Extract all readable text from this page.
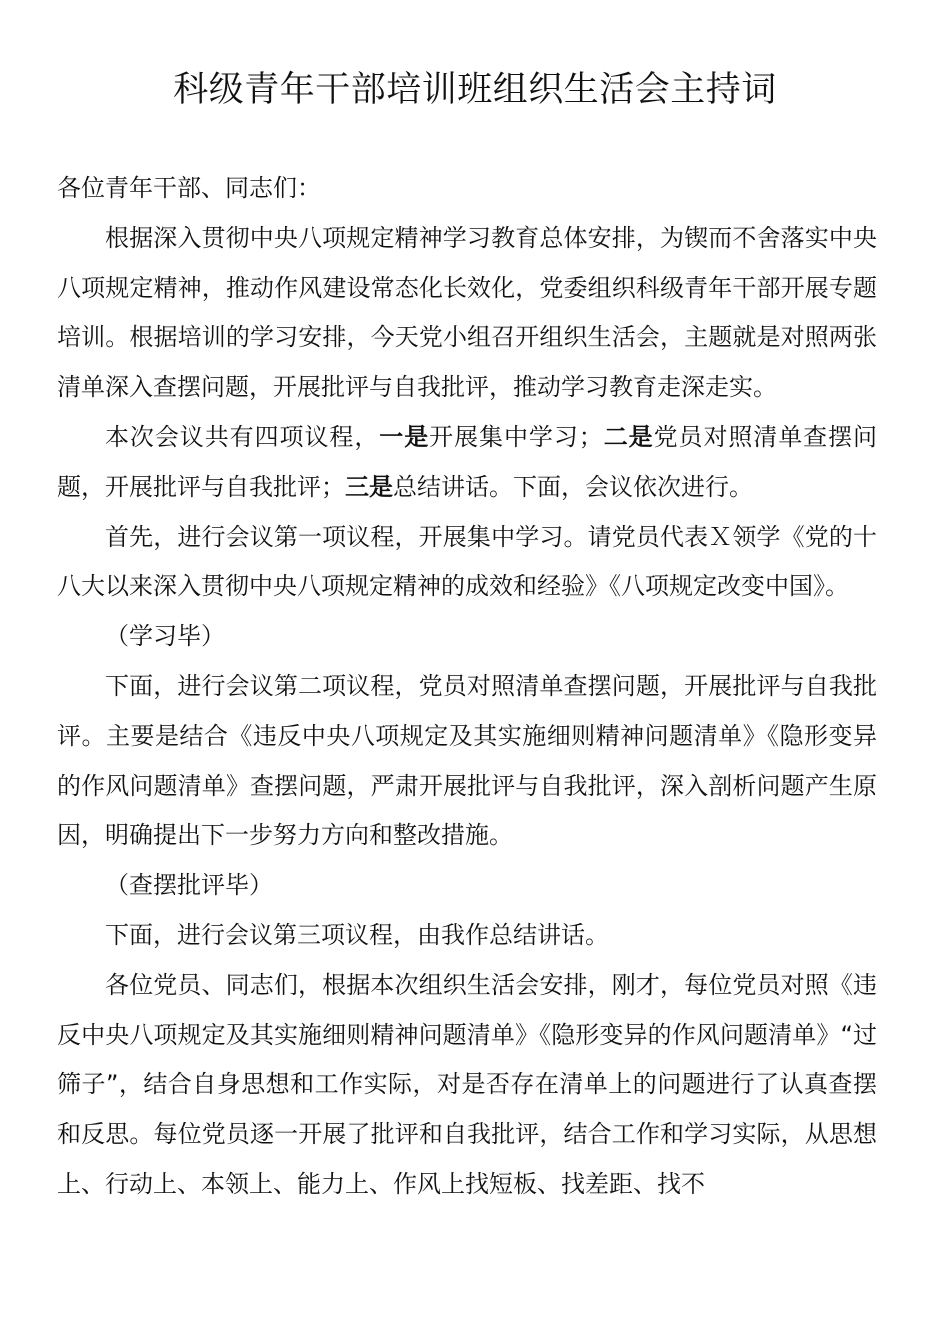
科级青年干部培训班组织生活会主持词

各位青年干部、同志们：

根据深入贯彻中央八项规定精神学习教育总体安排，为锲而不舍落实中央八项规定精神，推动作风建设常态化长效化，党委组织科级青年干部开展专题培训。根据培训的学习安排，今天党小组召开组织生活会，主题就是对照两张清单深入查摆问题，开展批评与自我批评，推动学习教育走深走实。

本次会议共有四项议程，一是开展集中学习；二是党员对照清单查摆问题，开展批评与自我批评；三是总结讲话。下面，会议依次进行。

首先，进行会议第一项议程，开展集中学习。请党员代表Ｘ领学《党的十八大以来深入贯彻中央八项规定精神的成效和经验》《八项规定改变中国》。

（学习毕）

下面，进行会议第二项议程，党员对照清单查摆问题，开展批评与自我批评。主要是结合《违反中央八项规定及其实施细则精神问题清单》《隐形变异的作风问题清单》查摆问题，严肃开展批评与自我批评，深入剖析问题产生原因，明确提出下一步努力方向和整改措施。

（查摆批评毕）

下面，进行会议第三项议程，由我作总结讲话。

各位党员、同志们，根据本次组织生活会安排，刚才，每位党员对照《违反中央八项规定及其实施细则精神问题清单》《隐形变异的作风问题清单》“过筛子”，结合自身思想和工作实际，对是否存在清单上的问题进行了认真查摆和反思。每位党员逐一开展了批评和自我批评，结合工作和学习实际，从思想上、行动上、本领上、能力上、作风上找短板、找差距、找不
